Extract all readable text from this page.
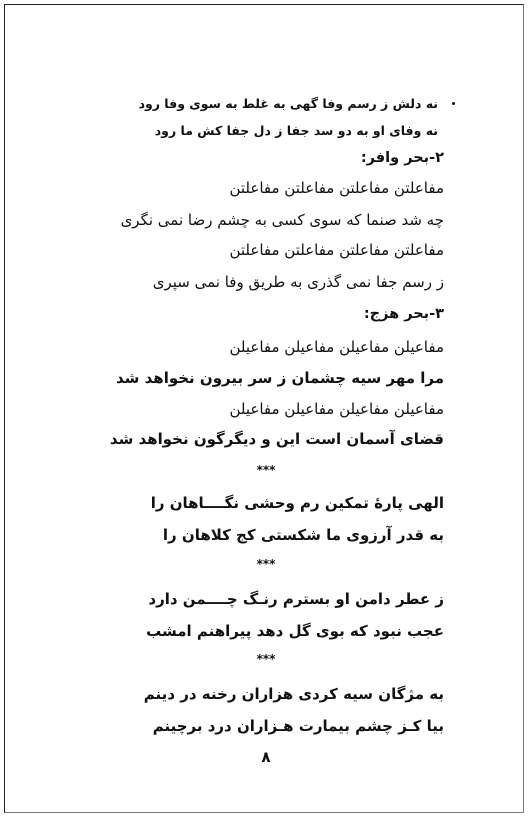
نه دلش ز رسم وفا گهی به غلط به سوی وفا رود
نه وفای او به دو سد جفا ز دل جفا کش ما رود
۲-بحر وافر:
مفاعلتن مفاعلتن مفاعلتن مفاعلتن
چه شد صنما که سوی کسی به چشم رضا نمی نگری
مفاعلتن مفاعلتن مفاعلتن مفاعلتن
ز رسم جفا نمی گذری به طریق وفا نمی سپری
۳-بحر هزج:
مفاعیلن مفاعیلن مفاعیلن مفاعیلن
مرا مهر سیه چشمان ز سر بیرون نخواهد شد
مفاعیلن مفاعیلن مفاعیلن مفاعیلن
قضای آسمان است این و دیگرگون نخواهد شد
***
الهی پارهٔ تمکین رم وحشی نگــــاهان را
به قدر آرزوی ما شکستی کج کلاهان را
***
ز عطر دامن او بسترم رنـگ چــــمن دارد
عجب نبود که بوی گل دهد پیراهنم امشب
***
به مژگان سیه کردی هزاران رخنه در دینم
بیا کـز چشم بیمارت هـزاران درد برچینم
۸
